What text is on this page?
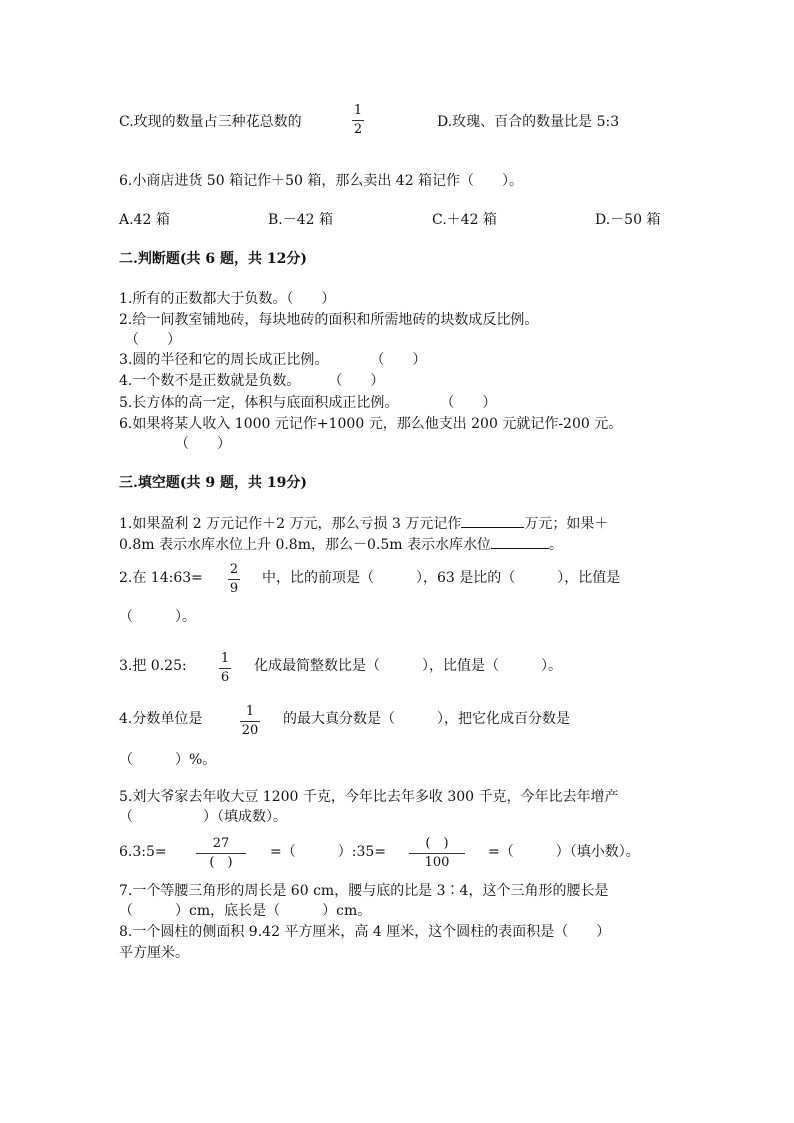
C.玫现的数量占三种花总数的
1
2	D.玫瑰、百合的数量比是 5:3
6.小商店进货 50 箱记作＋50 箱，那么卖出 42 箱记作（　　）。
A.42 箱	B.－42 箱	C.＋42 箱	D.－50 箱
二.判断题(共 6 题，共 12分)
1.所有的正数都大于负数。（　　）
2.给一间教室铺地砖，每块地砖的面积和所需地砖的块数成反比例。
（　　）
3.圆的半径和它的周长成正比例。　　　　（　　）
4.一个数不是正数就是负数。　　　（　　）
5.长方体的高一定，体积与底面积成正比例。　　　　（　　）
6.如果将某人收入 1000 元记作+1000 元，那么他支出 200 元就记作-200 元。
（　　）
三.填空题(共 9 题，共 19分)
1.如果盈利 2 万元记作＋2 万元，那么亏损 3 万元记作	万元；如果＋
0.8m 表示水库水位上升 0.8m，那么－0.5m 表示水库水位	。
2.在 14:63=
2
9
中，比的前项是（　　　），63 是比的（　　　），比值是
（　　　）。
3.把 0.25:	1
6
化成最简整数比是（　　　），比值是（　　　）。
4.分数单位是	1
20
的最大真分数是（　　　），把它化成百分数是
（　　　）%。
5.刘大爷家去年收大豆 1200 千克，今年比去年多收 300 千克，今年比去年增产
（　　　　　）（填成数）。
6.3:5=
27
(　)
=（　　　）:35=
(　)
100
=（　　　）（填小数）。
7.一个等腰三角形的周长是 60 cm，腰与底的比是 3∶4，这个三角形的腰长是
（　　　）cm，底长是（　　　）cm。
8.一个圆柱的侧面积 9.42 平方厘米，高 4 厘米，这个圆柱的表面积是（　　）
平方厘米。
